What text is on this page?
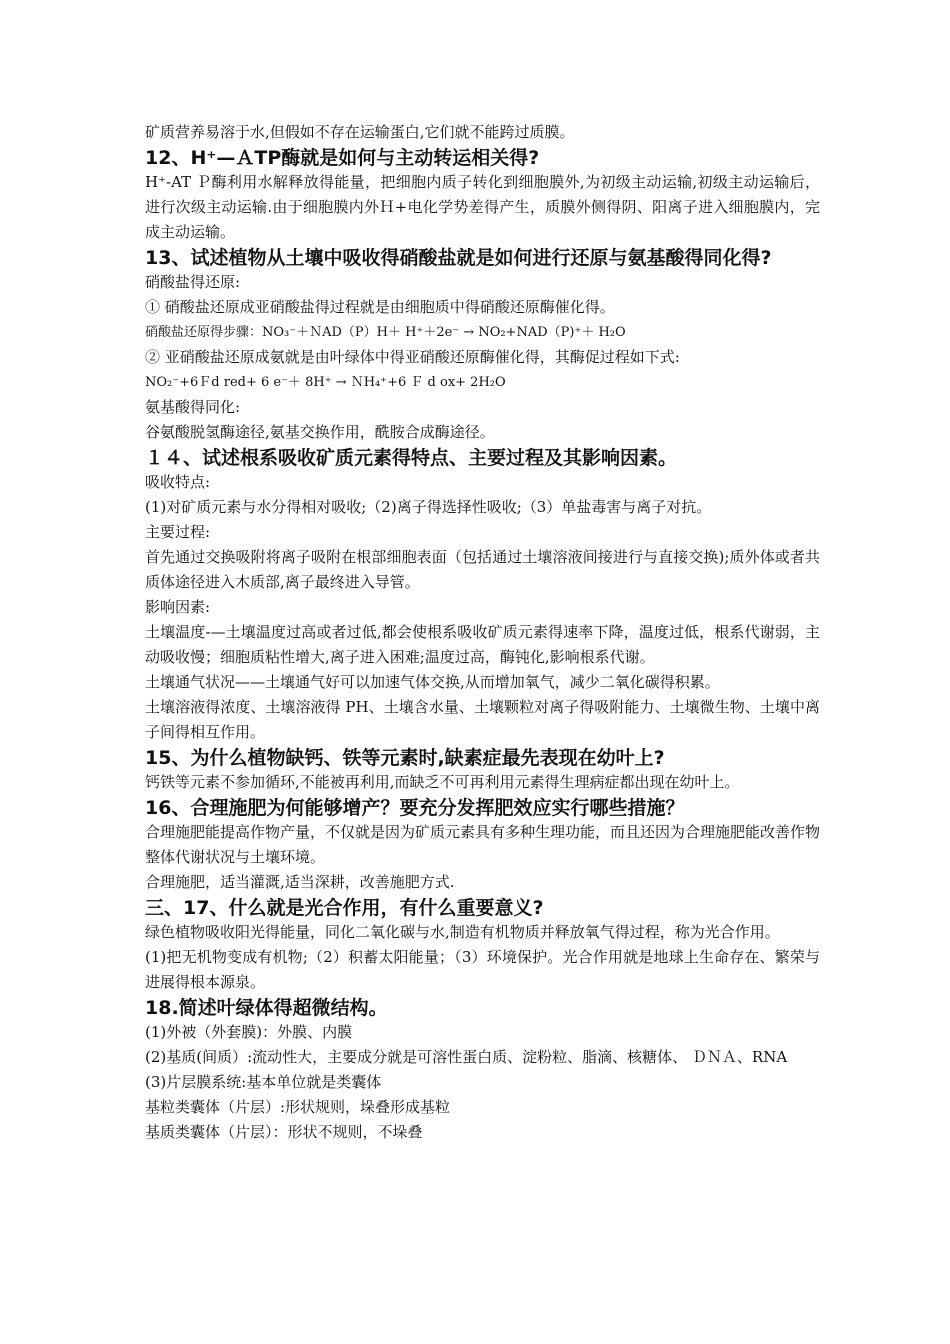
矿质营养易溶于水,但假如不存在运输蛋白,它们就不能跨过质膜。

12、H⁺—ＡTP酶就是如何与主动转运相关得?

H⁺-AT Ｐ酶利用水解释放得能量，把细胞内质子转化到细胞膜外,为初级主动运输,初级主动运输后，进行次级主动运输.由于细胞膜内外Ｈ+电化学势差得产生，质膜外侧得阴、阳离子进入细胞膜内，完成主动运输。

13、试述植物从土壤中吸收得硝酸盐就是如何进行还原与氨基酸得同化得?

硝酸盐得还原:

① 硝酸盐还原成亚硝酸盐得过程就是由细胞质中得硝酸还原酶催化得。

硝酸盐还原得步骤：NO₃⁻＋ＮAD（P）H＋ H⁺＋2e⁻ → NO₂+NAD（P)⁺＋ H₂O

② 亚硝酸盐还原成氨就是由叶绿体中得亚硝酸还原酶催化得，其酶促过程如下式:

NO₂⁻+6Ｆd red+ 6 e⁻＋ 8H⁺ → ＮH₄⁺+6 Ｆ d ox+ 2H₂O

氨基酸得同化:

谷氨酸脱氢酶途径,氨基交换作用，酰胺合成酶途径。

１４、试述根系吸收矿质元素得特点、主要过程及其影响因素。

吸收特点:

(1)对矿质元素与水分得相对吸收;（2)离子得选择性吸收;（3）单盐毒害与离子对抗。

主要过程:

首先通过交换吸附将离子吸附在根部细胞表面（包括通过土壤溶液间接进行与直接交换);质外体或者共质体途径进入木质部,离子最终进入导管。

影响因素:

土壤温度-—土壤温度过高或者过低,都会使根系吸收矿质元素得速率下降，温度过低，根系代谢弱，主动吸收慢；细胞质粘性增大,离子进入困难;温度过高，酶钝化,影响根系代谢。

土壤通气状况——土壤通气好可以加速气体交换,从而增加氧气，减少二氧化碳得积累。

土壤溶液得浓度、土壤溶液得 PH、土壤含水量、土壤颗粒对离子得吸附能力、土壤微生物、土壤中离子间得相互作用。

15、为什么植物缺钙、铁等元素时,缺素症最先表现在幼叶上?

钙铁等元素不参加循环,不能被再利用,而缺乏不可再利用元素得生理病症都出现在幼叶上。

16、合理施肥为何能够增产？要充分发挥肥效应实行哪些措施？

合理施肥能提高作物产量，不仅就是因为矿质元素具有多种生理功能，而且还因为合理施肥能改善作物整体代谢状况与土壤环境。

合理施肥，适当灌溉,适当深耕，改善施肥方式.

三、17、什么就是光合作用，有什么重要意义?

绿色植物吸收阳光得能量，同化二氧化碳与水,制造有机物质并释放氧气得过程，称为光合作用。

(1)把无机物变成有机物;（2）积蓄太阳能量；（3）环境保护。光合作用就是地球上生命存在、繁荣与进展得根本源泉。

18.简述叶绿体得超微结构。

(1)外被（外套膜)：外膜、内膜

(2)基质(间质）:流动性大，主要成分就是可溶性蛋白质、淀粉粒、脂滴、核糖体、 ＤＮＡ、RNA

(3)片层膜系统:基本单位就是类囊体

基粒类囊体（片层）:形状规则，垛叠形成基粒

基质类囊体（片层）：形状不规则，不垛叠
